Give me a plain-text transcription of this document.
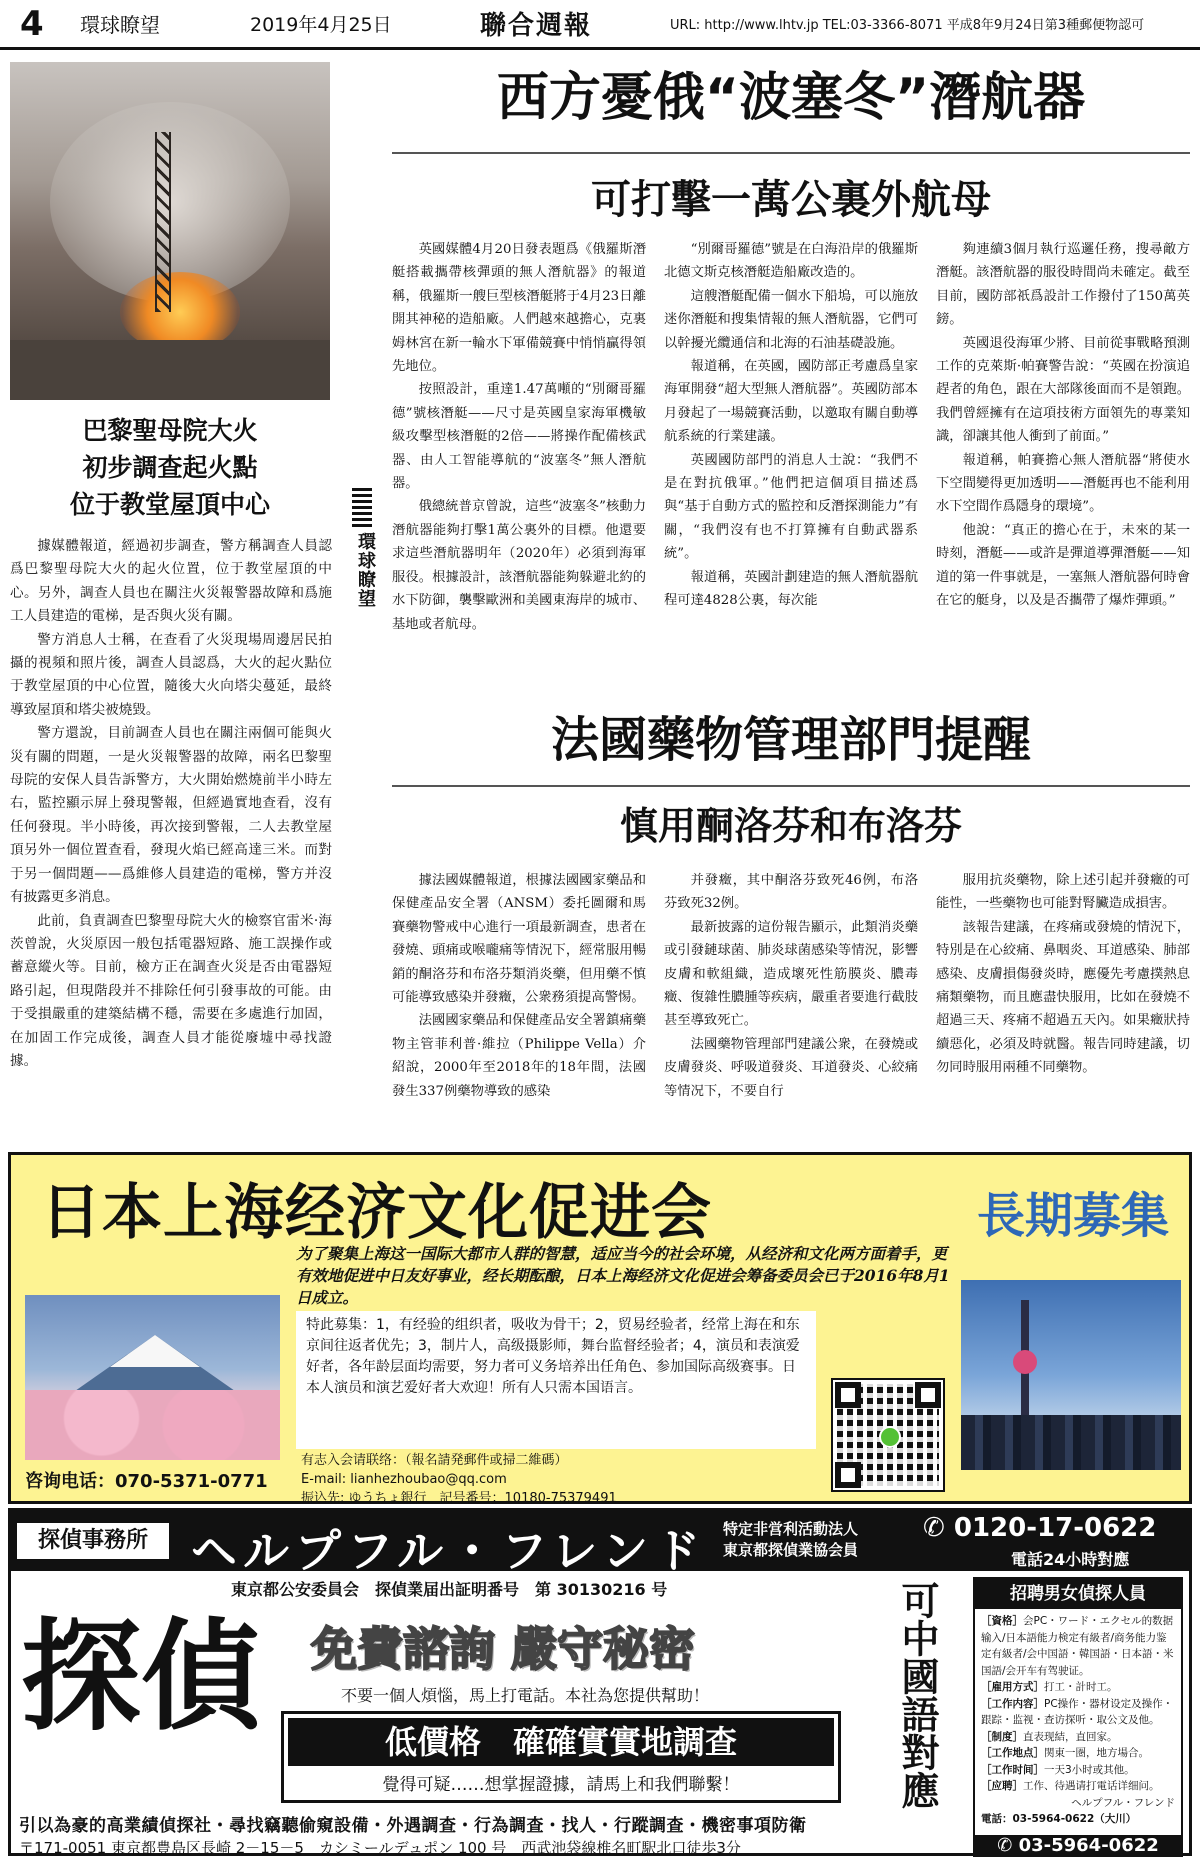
4	環球瞭望	2019年4月25日	聯合週報	URL: http://www.lhtv.jp TEL:03-3366-8071 平成8年9月24日第3種郵便物認可
巴黎聖母院大火
初步調查起火點
位于教堂屋頂中心

據媒體報道，經過初步調查，警方稱調查人員認爲巴黎聖母院大火的起火位置，位于教堂屋頂的中心。另外，調查人員也在關注火災報警器故障和爲施工人員建造的電梯，是否與火災有關。

警方消息人士稱，在查看了火災現場周邊居民拍攝的視頻和照片後，調查人員認爲，大火的起火點位于教堂屋頂的中心位置，隨後大火向塔尖蔓延，最終導致屋頂和塔尖被燒毀。

警方還說，目前調查人員也在關注兩個可能與火災有關的問題，一是火災報警器的故障，兩名巴黎聖母院的安保人員告訴警方，大火開始燃燒前半小時左右，監控顯示屏上發現警報，但經過實地查看，沒有任何發現。半小時後，再次接到警報，二人去教堂屋頂另外一個位置查看，發現火焰已經高達三米。而對于另一個問題——爲維修人員建造的電梯，警方并沒有披露更多消息。

此前，負責調查巴黎聖母院大火的檢察官雷米·海茨曾說，火災原因一般包括電器短路、施工誤操作或蓄意縱火等。目前，檢方正在調查火災是否由電器短路引起，但現階段并不排除任何引發事故的可能。由于受損嚴重的建築結構不穩，需要在多處進行加固，在加固工作完成後，調查人員才能從廢墟中尋找證據。

環球瞭望
西方憂俄“波塞冬”潛航器
可打擊一萬公裏外航母

英國媒體4月20日發表題爲《俄羅斯潛艇搭載攜帶核彈頭的無人潛航器》的報道稱，俄羅斯一艘巨型核潛艇將于4月23日離開其神秘的造船廠。人們越來越擔心，克裏姆林宮在新一輪水下軍備競賽中悄悄贏得領先地位。

按照設計，重達1.47萬噸的“別爾哥羅德”號核潛艇——尺寸是英國皇家海軍機敏級攻擊型核潛艇的2倍——將操作配備核武器、由人工智能導航的“波塞冬”無人潛航器。

俄總統普京曾說，這些“波塞冬”核動力潛航器能夠打擊1萬公裏外的目標。他還要求這些潛航器明年（2020年）必須到海軍服役。根據設計，該潛航器能夠躲避北約的水下防御，襲擊歐洲和美國東海岸的城市、基地或者航母。

“別爾哥羅德”號是在白海沿岸的俄羅斯北德文斯克核潛艇造船廠改造的。

這艘潛艇配備一個水下船塢，可以施放迷你潛艇和搜集情報的無人潛航器，它們可以幹擾光纜通信和北海的石油基礎設施。

報道稱，在英國，國防部正考慮爲皇家海軍開發“超大型無人潛航器”。英國防部本月發起了一場競賽活動，以邀取有關自動導航系統的行業建議。

英國國防部門的消息人士說：“我們不是在對抗俄軍。”他們把這個項目描述爲與“基于自動方式的監控和反潛探測能力”有關，“我們沒有也不打算擁有自動武器系統”。

報道稱，英國計劃建造的無人潛航器航程可達4828公裏，每次能

夠連續3個月執行巡邏任務，搜尋敵方潛艇。該潛航器的服役時間尚未確定。截至目前，國防部祇爲設計工作撥付了150萬英鎊。

英國退役海軍少將、目前從事戰略預測工作的克萊斯·帕賽警告說：“英國在扮演追趕者的角色，跟在大部隊後面而不是領跑。我們曾經擁有在這項技術方面領先的專業知識，卻讓其他人衝到了前面。”

報道稱，帕賽擔心無人潛航器“將使水下空間變得更加透明——潛艇再也不能利用水下空間作爲隱身的環境”。

他說：“真正的擔心在于，未來的某一時刻，潛艇——或許是彈道導彈潛艇——知道的第一件事就是，一塞無人潛航器何時會在它的艇身，以及是否攜帶了爆炸彈頭。”

法國藥物管理部門提醒
慎用酮洛芬和布洛芬

據法國媒體報道，根據法國國家藥品和保健產品安全署（ANSM）委托圖爾和馬賽藥物警戒中心進行一項最新調查，患者在發燒、頭痛或喉嚨痛等情況下，經常服用暢銷的酮洛芬和布洛芬類消炎藥，但用藥不慎可能導致感染并發癥，公衆務須提高警惕。

法國國家藥品和保健產品安全署鎮痛藥物主管菲利普·維拉（Philippe Vella）介紹說，2000年至2018年的18年間，法國發生337例藥物導致的感染

并發癥，其中酮洛芬致死46例，布洛芬致死32例。

最新披露的這份報告顯示，此類消炎藥或引發鏈球菌、肺炎球菌感染等情況，影響皮膚和軟組織，造成壞死性筋膜炎、膿毒癥、復雜性膿腫等疾病，嚴重者要進行截肢甚至導致死亡。

法國藥物管理部門建議公衆，在發燒或皮膚發炎、呼吸道發炎、耳道發炎、心絞痛等情况下，不要自行

服用抗炎藥物，除上述引起并發癥的可能性，一些藥物也可能對腎臟造成損害。

該報告建議，在疼痛或發燒的情況下，特別是在心絞痛、鼻咽炎、耳道感染、肺部感染、皮膚損傷發炎時，應優先考慮撲熱息痛類藥物，而且應盡快服用，比如在發燒不超過三天、疼痛不超過五天內。如果癥狀持續惡化，必須及時就醫。報告同時建議，切勿同時服用兩種不同藥物。

日本上海经济文化促进会	長期募集
为了聚集上海这一国际大都市人群的智慧，适应当今的社会环境，从经济和文化两方面着手，更有效地促进中日友好事业，经长期酝酿，日本上海经济文化促进会筹备委员会已于2016年8月1日成立。
咨询电话：070-5371-0771
特此募集：1，有经验的组织者，吸收为骨干；2，贸易经验者，经常上海在和东京间往返者优先；3，制片人，高级摄影师，舞台监督经验者；4，演员和表演爱好者，各年龄层面均需要，努力者可义务培养出任角色、参加国际高级赛事。日本人演员和演艺爱好者大欢迎！所有人只需本国语言。
有志入会请联络：（報名請発郵件或掃二維碼）
E-mail: lianhezhoubao@qq.com
振込先: ゆうちょ銀行　記号番号：10180-75379491
探偵事務所 ヘルプフル・フレンド 特定非営利活動法人
東京都探偵業協会員
✆ 0120-17-0622
電話24小時對應
東京都公安委員会　探偵業届出証明番号　第 30130216 号
探偵 免費諮詢 嚴守秘密
不要一個人煩惱，馬上打電話。本社為您提供幫助！
低價格　確確實實地調查
覺得可疑……想掌握證據，請馬上和我們聯繫！	可中國語對應	招聘男女偵探人員
［資格］会PC・ワード・エクセル的数据输入/日本語能力検定有級者/商务能力鉴定有級者/会中国語・韓国語・日本語・米国語/会开车有驾驶证。
［雇用方式］打工・計时工。
［工作内容］PC操作・器材设定及操作・跟踪・监视・查访探听・取公文及他。
［制度］直表现結，直回家。
［工作地点］関東一圏，地方場合。
［工作时间］一天3小时或其他。
［应聘］工作、待遇请打電话详细问。
ヘルプフル・フレンド
電話：03-5964-0622（大川）
引以為豪的高業績偵探社・尋找竊聽偷窺設備・外遇調查・行為調查・找人・行蹤調查・機密事項防衛
〒171-0051 東京都豊島区長崎 2－15－5　カシミールデュポン 100 号　西武池袋線椎名町駅北口徒歩3分	✆ 03-5964-0622
